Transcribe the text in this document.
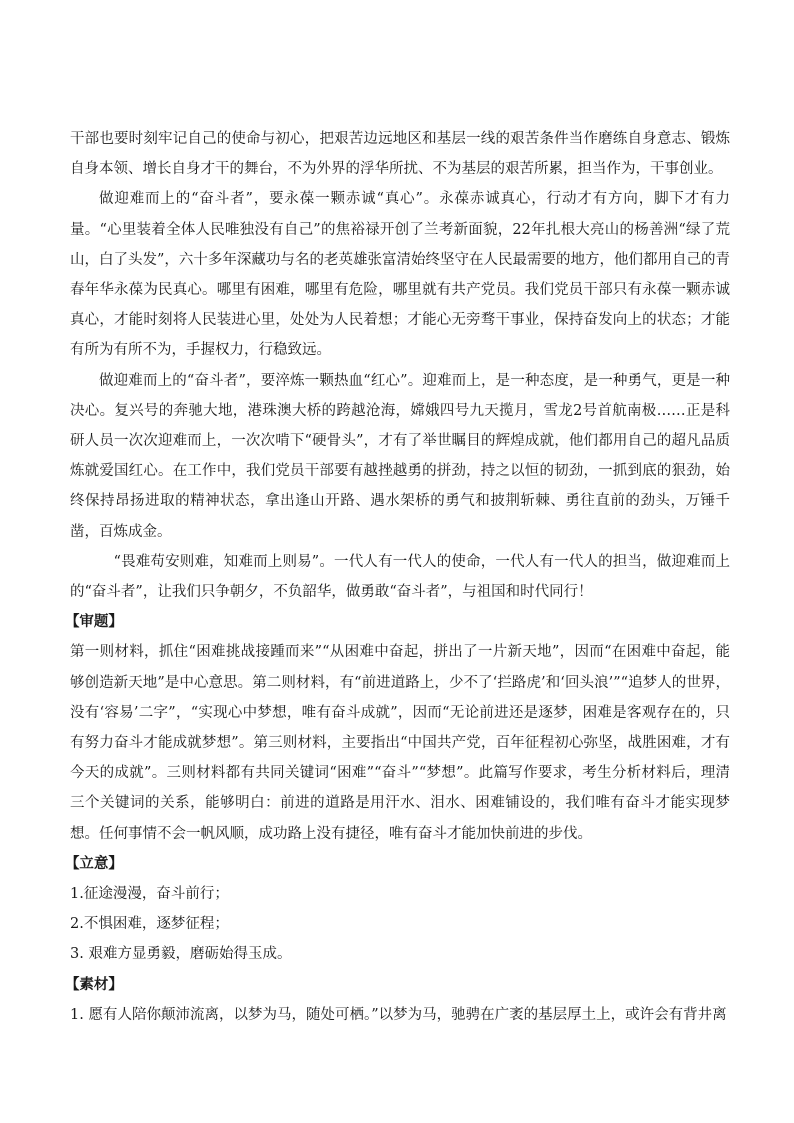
干部也要时刻牢记自己的使命与初心，把艰苦边远地区和基层一线的艰苦条件当作磨练自身意志、锻炼自身本领、增长自身才干的舞台，不为外界的浮华所扰、不为基层的艰苦所累，担当作为，干事创业。

做迎难而上的“奋斗者”，要永葆一颗赤诚“真心”。永葆赤诚真心，行动才有方向，脚下才有力量。“心里装着全体人民唯独没有自己”的焦裕禄开创了兰考新面貌，22年扎根大亮山的杨善洲“绿了荒山，白了头发”，六十多年深藏功与名的老英雄张富清始终坚守在人民最需要的地方，他们都用自己的青春年华永葆为民真心。哪里有困难，哪里有危险，哪里就有共产党员。我们党员干部只有永葆一颗赤诚真心，才能时刻将人民装进心里，处处为人民着想；才能心无旁骛干事业，保持奋发向上的状态；才能有所为有所不为，手握权力，行稳致远。

做迎难而上的“奋斗者”，要淬炼一颗热血“红心”。迎难而上，是一种态度，是一种勇气，更是一种决心。复兴号的奔驰大地，港珠澳大桥的跨越沧海，嫦娥四号九天揽月，雪龙2号首航南极……正是科研人员一次次迎难而上，一次次啃下“硬骨头”，才有了举世瞩目的辉煌成就，他们都用自己的超凡品质炼就爱国红心。在工作中，我们党员干部要有越挫越勇的拼劲，持之以恒的韧劲，一抓到底的狠劲，始终保持昂扬进取的精神状态，拿出逢山开路、遇水架桥的勇气和披荆斩棘、勇往直前的劲头，万锤千凿，百炼成金。

“畏难苟安则难，知难而上则易”。一代人有一代人的使命，一代人有一代人的担当，做迎难而上的“奋斗者”，让我们只争朝夕，不负韶华，做勇敢“奋斗者”，与祖国和时代同行！

【审题】

第一则材料，抓住“困难挑战接踵而来”“从困难中奋起，拼出了一片新天地”，因而“在困难中奋起，能够创造新天地”是中心意思。第二则材料，有“前进道路上，少不了‘拦路虎’和‘回头浪’”“追梦人的世界，没有‘容易’二字”，“实现心中梦想，唯有奋斗成就”，因而“无论前进还是逐梦，困难是客观存在的，只有努力奋斗才能成就梦想”。第三则材料，主要指出“中国共产党，百年征程初心弥坚，战胜困难，才有今天的成就”。三则材料都有共同关键词“困难”“奋斗”“梦想”。此篇写作要求，考生分析材料后，理清三个关键词的关系，能够明白：前进的道路是用汗水、泪水、困难铺设的，我们唯有奋斗才能实现梦想。任何事情不会一帆风顺，成功路上没有捷径，唯有奋斗才能加快前进的步伐。

【立意】

1.征途漫漫，奋斗前行；

2.不惧困难，逐梦征程；

3. 艰难方显勇毅，磨砺始得玉成。

【素材】

1. 愿有人陪你颠沛流离，以梦为马，随处可栖。”以梦为马，驰骋在广袤的基层厚土上，或许会有背井离
